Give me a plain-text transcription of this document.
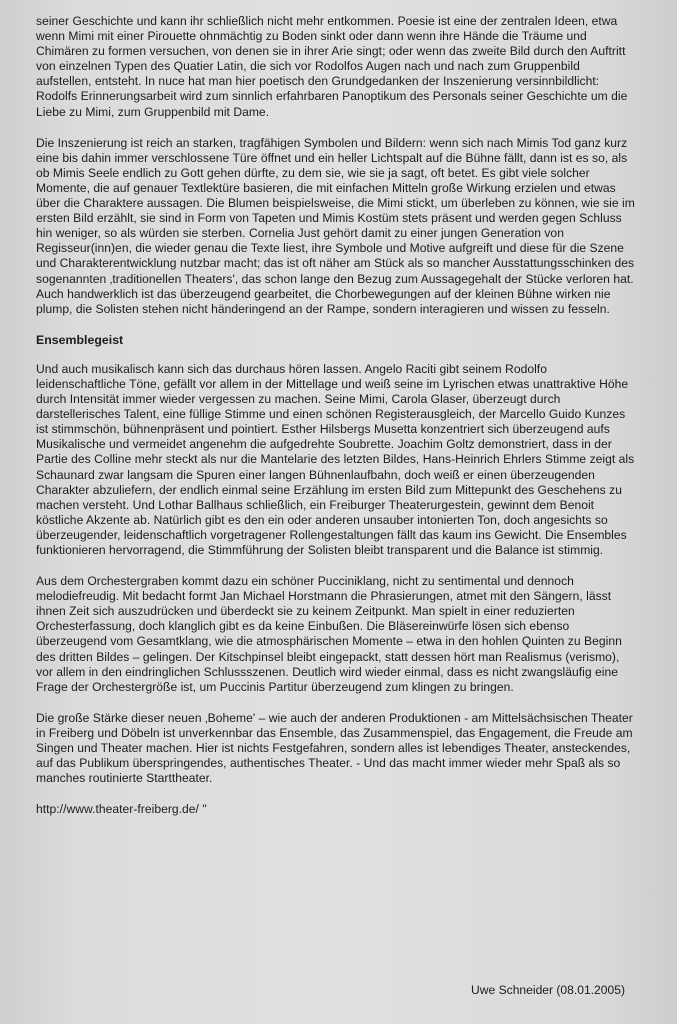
seiner Geschichte und kann ihr schließlich nicht mehr entkommen. Poesie ist eine der zentralen Ideen, etwa wenn Mimi mit einer Pirouette ohnmächtig zu Boden sinkt oder dann wenn ihre Hände die Träume und Chimären zu formen versuchen, von denen sie in ihrer Arie singt; oder wenn das zweite Bild durch den Auftritt von einzelnen Typen des Quatier Latin, die sich vor Rodolfos Augen nach und nach zum Gruppenbild aufstellen, entsteht. In nuce hat man hier poetisch den Grundgedanken der Inszenierung versinnbildlicht: Rodolfs Erinnerungsarbeit wird zum sinnlich erfahrbaren Panoptikum des Personals seiner Geschichte um die Liebe zu Mimi, zum Gruppenbild mit Dame.

Die Inszenierung ist reich an starken, tragfähigen Symbolen und Bildern: wenn sich nach Mimis Tod ganz kurz eine bis dahin immer verschlossene Türe öffnet und ein heller Lichtspalt auf die Bühne fällt, dann ist es so, als ob Mimis Seele endlich zu Gott gehen dürfte, zu dem sie, wie sie ja sagt, oft betet. Es gibt viele solcher Momente, die auf genauer Textlektüre basieren, die mit einfachen Mitteln große Wirkung erzielen und etwas über die Charaktere aussagen. Die Blumen beispielsweise, die Mimi stickt, um überleben zu können, wie sie im ersten Bild erzählt, sie sind in Form von Tapeten und Mimis Kostüm stets präsent und werden gegen Schluss hin weniger, so als würden sie sterben. Cornelia Just gehört damit zu einer jungen Generation von Regisseur(inn)en, die wieder genau die Texte liest, ihre Symbole und Motive aufgreift und diese für die Szene und Charakterentwicklung nutzbar macht; das ist oft näher am Stück als so mancher Ausstattungsschinken des sogenannten ‚traditionellen Theaters', das schon lange den Bezug zum Aussagegehalt der Stücke verloren hat. Auch handwerklich ist das überzeugend gearbeitet, die Chorbewegungen auf der kleinen Bühne wirken nie plump, die Solisten stehen nicht händeringend an der Rampe, sondern interagieren und wissen zu fesseln.

Ensemblegeist

Und auch musikalisch kann sich das durchaus hören lassen. Angelo Raciti gibt seinem Rodolfo leidenschaftliche Töne, gefällt vor allem in der Mittellage und weiß seine im Lyrischen etwas unattraktive Höhe durch Intensität immer wieder vergessen zu machen. Seine Mimi, Carola Glaser, überzeugt durch darstellerisches Talent, eine füllige Stimme und einen schönen Registerausgleich, der Marcello Guido Kunzes ist stimmschön, bühnenpräsent und pointiert. Esther Hilsbergs Musetta konzentriert sich überzeugend aufs Musikalische und vermeidet angenehm die aufgedrehte Soubrette. Joachim Goltz demonstriert, dass in der Partie des Colline mehr steckt als nur die Mantelarie des letzten Bildes, Hans-Heinrich Ehrlers Stimme zeigt als Schaunard zwar langsam die Spuren einer langen Bühnenlaufbahn, doch weiß er einen überzeugenden Charakter abzuliefern, der endlich einmal seine Erzählung im ersten Bild zum Mittepunkt des Geschehens zu machen versteht. Und Lothar Ballhaus schließlich, ein Freiburger Theaterurgestein, gewinnt dem Benoit köstliche Akzente ab. Natürlich gibt es den ein oder anderen unsauber intonierten Ton, doch angesichts so überzeugender, leidenschaftlich vorgetragener Rollengestaltungen fällt das kaum ins Gewicht. Die Ensembles funktionieren hervorragend, die Stimmführung der Solisten bleibt transparent und die Balance ist stimmig.

Aus dem Orchestergraben kommt dazu ein schöner Pucciniklang, nicht zu sentimental und dennoch melodiefreudig. Mit bedacht formt Jan Michael Horstmann die Phrasierungen, atmet mit den Sängern, lässt ihnen Zeit sich auszudrücken und überdeckt sie zu keinem Zeitpunkt. Man spielt in einer reduzierten Orchesterfassung, doch klanglich gibt es da keine Einbußen. Die Bläsereinwürfe lösen sich ebenso überzeugend vom Gesamtklang, wie die atmosphärischen Momente – etwa in den hohlen Quinten zu Beginn des dritten Bildes – gelingen. Der Kitschpinsel bleibt eingepackt, statt dessen hört man Realismus (verismo), vor allem in den eindringlichen Schlussszenen. Deutlich wird wieder einmal, dass es nicht zwangsläufig eine Frage der Orchestergröße ist, um Puccinis Partitur überzeugend zum klingen zu bringen.

Die große Stärke dieser neuen ‚Boheme' – wie auch der anderen Produktionen - am Mittelsächsischen Theater in Freiberg und Döbeln ist unverkennbar das Ensemble, das Zusammenspiel, das Engagement, die Freude am Singen und Theater machen. Hier ist nichts Festgefahren, sondern alles ist lebendiges Theater, ansteckendes, auf das Publikum überspringendes, authentisches Theater. - Und das macht immer wieder mehr Spaß als so manches routinierte Starttheater.

http://www.theater-freiberg.de/ "

Uwe Schneider (08.01.2005)
